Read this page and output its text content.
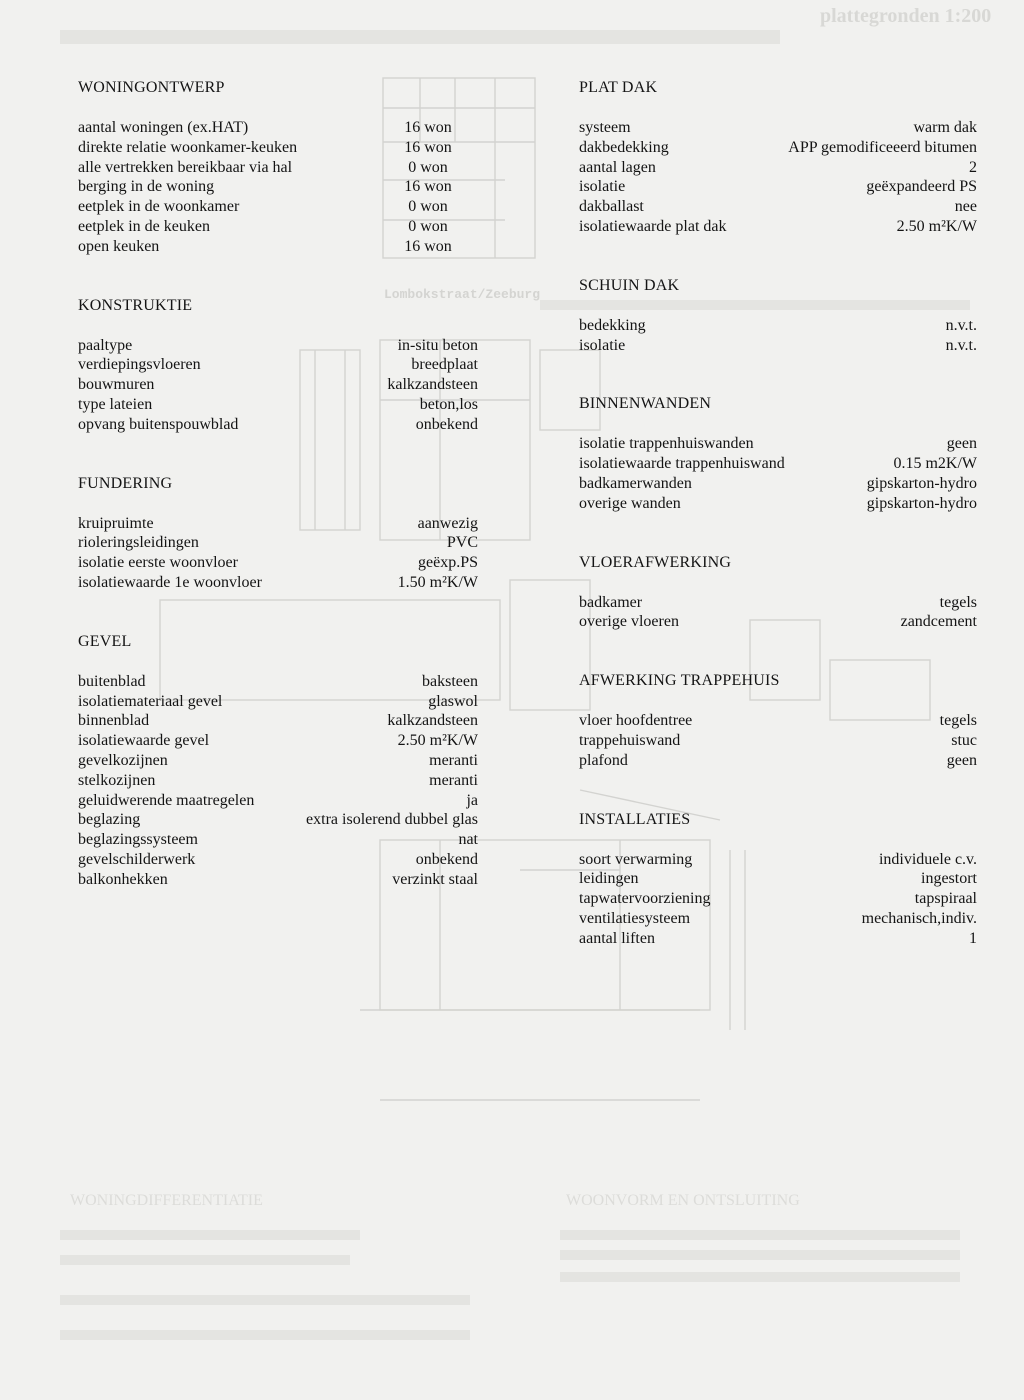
plattegronden 1:200
Lombokstraat/Zeeburg
WONINGDIFFERENTIATIE	WOONVORM EN ONTSLUITING
WONINGONTWERP
aantal woningen (ex.HAT)	16 won
direkte relatie woonkamer-keuken	16 won
alle vertrekken bereikbaar via hal	0 won
berging in de woning	16 won
eetplek in de woonkamer	0 won
eetplek in de keuken	0 won
open keuken	16 won
KONSTRUKTIE
paaltype	in-situ beton
verdiepingsvloeren	breedplaat
bouwmuren	kalkzandsteen
type lateien	beton,los
opvang buitenspouwblad	onbekend
FUNDERING
kruipruimte	aanwezig
rioleringsleidingen	PVC
isolatie eerste woonvloer	geëxp.PS
isolatiewaarde 1e woonvloer	1.50 m²K/W
GEVEL
buitenblad	baksteen
isolatiemateriaal gevel	glaswol
binnenblad	kalkzandsteen
isolatiewaarde gevel	2.50 m²K/W
gevelkozijnen	meranti
stelkozijnen	meranti
geluidwerende maatregelen	ja
beglazing	extra isolerend dubbel glas
beglazingssysteem	nat
gevelschilderwerk	onbekend
balkonhekken	verzinkt staal
PLAT DAK
systeem	warm dak
dakbedekking	APP gemodificeeerd bitumen
aantal lagen	2
isolatie	geëxpandeerd PS
dakballast	nee
isolatiewaarde plat dak	2.50 m²K/W
SCHUIN DAK
bedekking	n.v.t.
isolatie	n.v.t.
BINNENWANDEN
isolatie trappenhuiswanden	geen
isolatiewaarde trappenhuiswand	0.15 m2K/W
badkamerwanden	gipskarton-hydro
overige wanden	gipskarton-hydro
VLOERAFWERKING
badkamer	tegels
overige vloeren	zandcement
AFWERKING TRAPPEHUIS
vloer hoofdentree	tegels
trappehuiswand	stuc
plafond	geen
INSTALLATIES
soort verwarming	individuele c.v.
leidingen	ingestort
tapwatervoorziening	tapspiraal
ventilatiesysteem	mechanisch,indiv.
aantal liften	1
